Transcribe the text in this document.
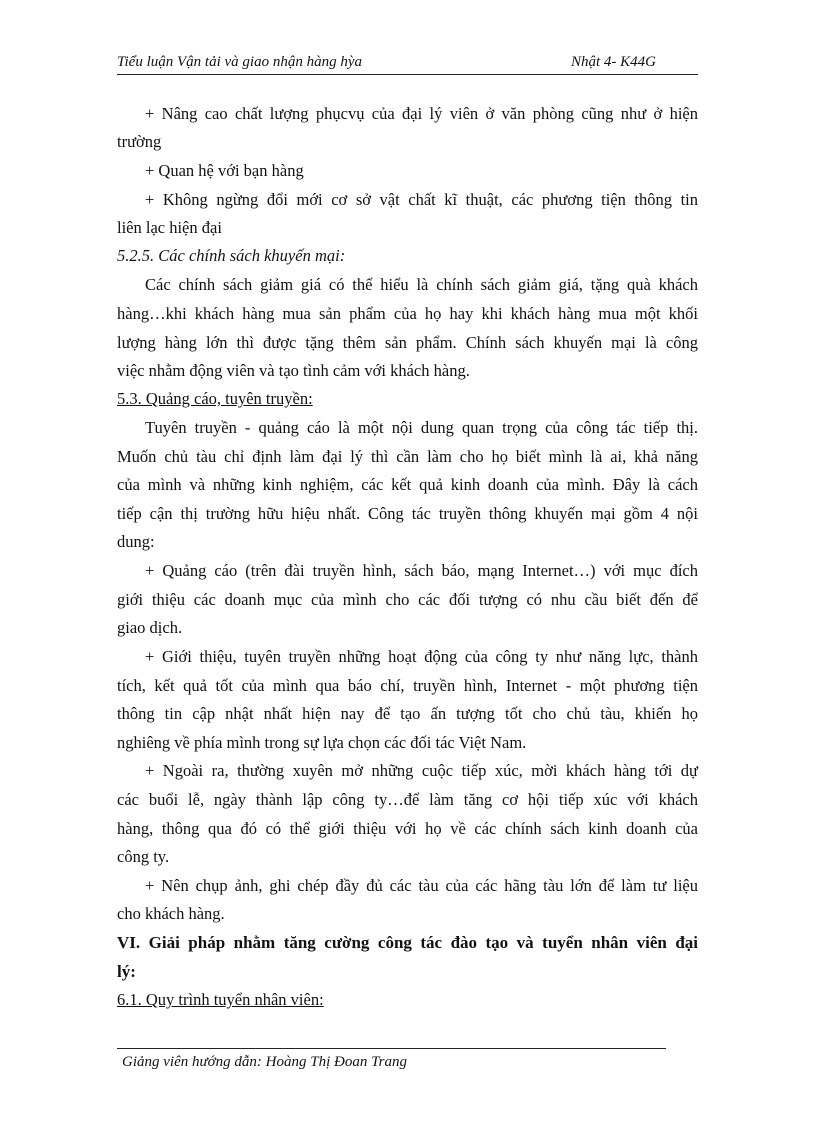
Tiểu luận Vận tải và giao nhận hàng hỳa	Nhật 4- K44G
+ Nâng cao chất lượng phụcvụ của đại lý viên ở văn phòng cũng như ở hiện
trường
+ Quan hệ với bạn hàng
+ Không ngừng đổi mới cơ sở vật chất kĩ thuật, các phương tiện thông tin
liên lạc hiện đại
5.2.5. Các chính sách khuyến mại:
Các chính sách giảm giá có thể hiểu là chính sách giảm giá, tặng quà khách
hàng…khi khách hàng mua sản phẩm của họ hay khi khách hàng mua một khối
lượng hàng lớn thì được tặng thêm sản phẩm. Chính sách khuyến mại là công
việc nhằm động viên và tạo tình cảm với khách hàng.
5.3. Quảng cáo, tuyên truyền:
Tuyên truyền - quảng cáo là một nội dung quan trọng của công tác tiếp thị.
Muốn chủ tàu chỉ định làm đại lý thì cần làm cho họ biết mình là ai, khả năng
của mình và những kinh nghiệm, các kết quả kinh doanh của mình. Đây là cách
tiếp cận thị trường hữu hiệu nhất. Công tác truyền thông khuyến mại gồm 4 nội
dung:
+ Quảng cáo (trên đài truyền hình, sách báo, mạng Internet…) với mục đích
giới thiệu các doanh mục của mình cho các đối tượng có nhu cầu biết đến để
giao dịch.
+ Giới thiệu, tuyên truyền những hoạt động của công ty như năng lực, thành
tích, kết quả tốt của mình qua báo chí, truyền hình, Internet - một phương tiện
thông tin cập nhật nhất hiện nay để tạo ấn tượng tốt cho chủ tàu, khiến họ
nghiêng về phía mình trong sự lựa chọn các đối tác Việt Nam.
+ Ngoài ra, thường xuyên mở những cuộc tiếp xúc, mời khách hàng tới dự
các buổi lễ, ngày thành lập công ty…để làm tăng cơ hội tiếp xúc với khách
hàng, thông qua đó có thể giới thiệu với họ về các chính sách kinh doanh của
công ty.
+ Nên chụp ảnh, ghi chép đầy đủ các tàu của các hãng tàu lớn để làm tư liệu
cho khách hàng.
VI. Giải pháp nhằm tăng cường công tác đào tạo và tuyển nhân viên đại
lý:
6.1. Quy trình tuyển nhân viên:
Giảng viên hướng dẫn: Hoàng Thị Đoan Trang
